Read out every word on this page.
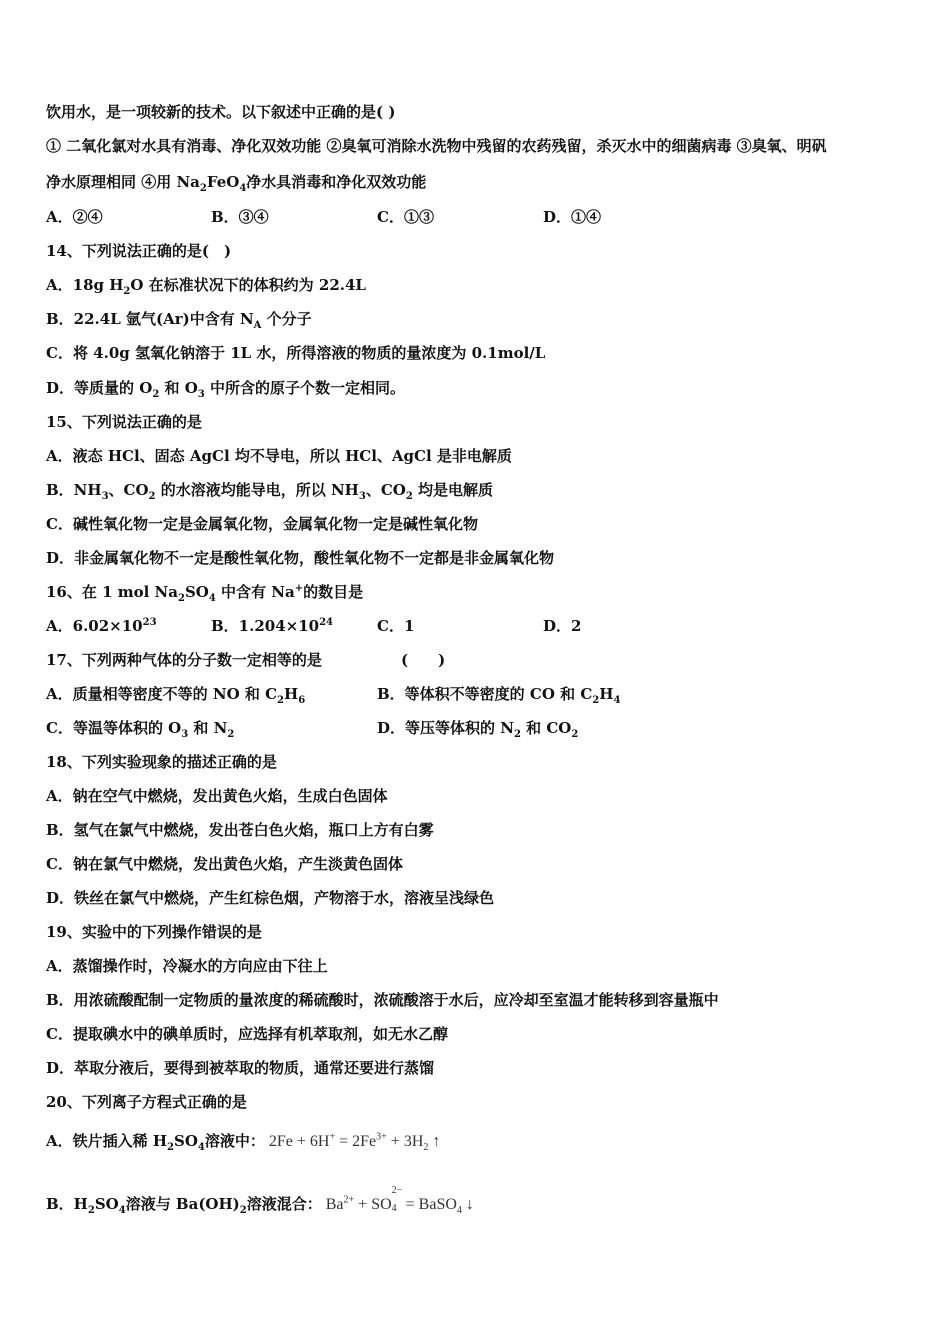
饮用水，是一项较新的技术。以下叙述中正确的是( )
① 二氧化氯对水具有消毒、净化双效功能 ②臭氧可消除水洗物中残留的农药残留，杀灭水中的细菌病毒 ③臭氧、明矾
净水原理相同 ④用 $Na_2FeO_4$净水具消毒和净化双效功能
A．②④	B．③④	C．①③	D．①④
14、下列说法正确的是(　)
A．18g $H_2O$ 在标准状况下的体积约为 22.4L
B．22.4L 氩气(Ar)中含有 $N_A$ 个分子
C．将 4.0g 氢氧化钠溶于 1L 水，所得溶液的物质的量浓度为 0.1mol/L
D．等质量的 $O_2$ 和 $O_3$ 中所含的原子个数一定相同。
15、下列说法正确的是
A．液态 HCl、固态 AgCl 均不导电，所以 HCl、AgCl 是非电解质
B．$NH_3$、$CO_2$ 的水溶液均能导电，所以 $NH_3$、$CO_2$ 均是电解质
C．碱性氧化物一定是金属氧化物，金属氧化物一定是碱性氧化物
D．非金属氧化物不一定是酸性氧化物，酸性氧化物不一定都是非金属氧化物
16、在 1 mol $Na_2SO_4$ 中含有 Na+的数目是
A．$6.02\times 10^{23}$	B．$1.204\times 10^{24}$	C．1	D．2
17、下列两种气体的分子数一定相等的是	(　　)
A．质量相等密度不等的 NO 和 $C_2H_6$	B．等体积不等密度的 CO 和 $C_2H_4$
C．等温等体积的 $O_3$ 和 $N_2$	D．等压等体积的 $N_2$ 和 $CO_2$
18、下列实验现象的描述正确的是
A．钠在空气中燃烧，发出黄色火焰，生成白色固体
B．氢气在氯气中燃烧，发出苍白色火焰，瓶口上方有白雾
C．钠在氯气中燃烧，发出黄色火焰，产生淡黄色固体
D．铁丝在氯气中燃烧，产生红棕色烟，产物溶于水，溶液呈浅绿色
19、实验中的下列操作错误的是
A．蒸馏操作时，冷凝水的方向应由下往上
B．用浓硫酸配制一定物质的量浓度的稀硫酸时，浓硫酸溶于水后，应冷却至室温才能转移到容量瓶中
C．提取碘水中的碘单质时，应选择有机萃取剂，如无水乙醇
D．萃取分液后，要得到被萃取的物质，通常还要进行蒸馏
20、下列离子方程式正确的是
A．铁片插入稀 $H_2SO_4$溶液中： $2Fe + 6H^+ = 2Fe^{3+} + 3H_2$ ↑
B．$H_2SO_4$溶液与 $Ba(OH)_2$溶液混合： $Ba^{2+}$ + SO
2−
4 = BaSO$_4$ ↓
